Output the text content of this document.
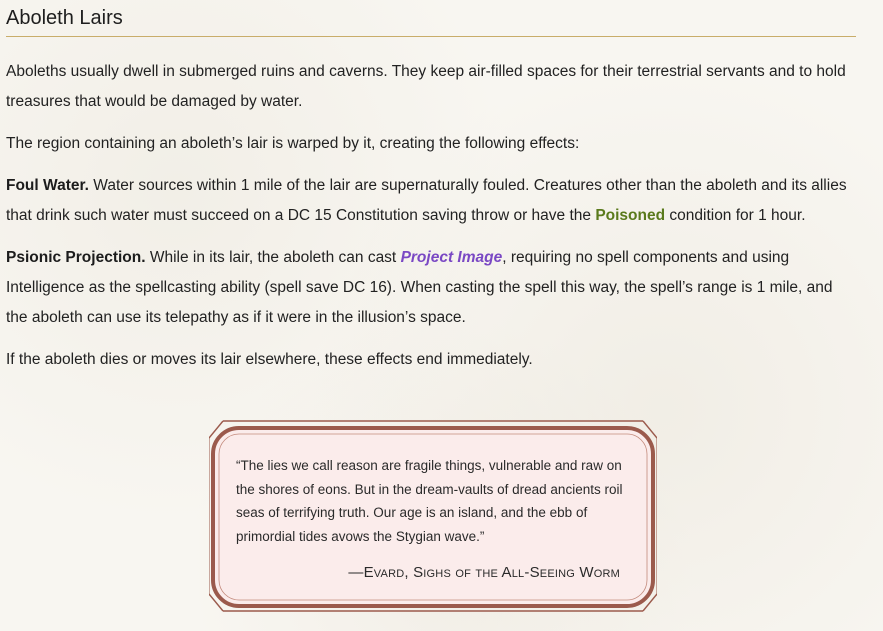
Aboleth Lairs

Aboleths usually dwell in submerged ruins and caverns. They keep air-filled spaces for their terrestrial servants and to hold treasures that would be damaged by water.

The region containing an aboleth’s lair is warped by it, creating the following effects:

Foul Water. Water sources within 1 mile of the lair are supernaturally fouled. Creatures other than the aboleth and its allies that drink such water must succeed on a DC 15 Constitution saving throw or have the Poisoned condition for 1 hour.

Psionic Projection. While in its lair, the aboleth can cast Project Image, requiring no spell components and using Intelligence as the spellcasting ability (spell save DC 16). When casting the spell this way, the spell’s range is 1 mile, and the aboleth can use its telepathy as if it were in the illusion’s space.

If the aboleth dies or moves its lair elsewhere, these effects end immediately.

“The lies we call reason are fragile things, vulnerable and raw on the shores of eons. But in the dream-vaults of dread ancients roil seas of terrifying truth. Our age is an island, and the ebb of primordial tides avows the Stygian wave.”

—Evard, Sighs of the All-Seeing Worm
